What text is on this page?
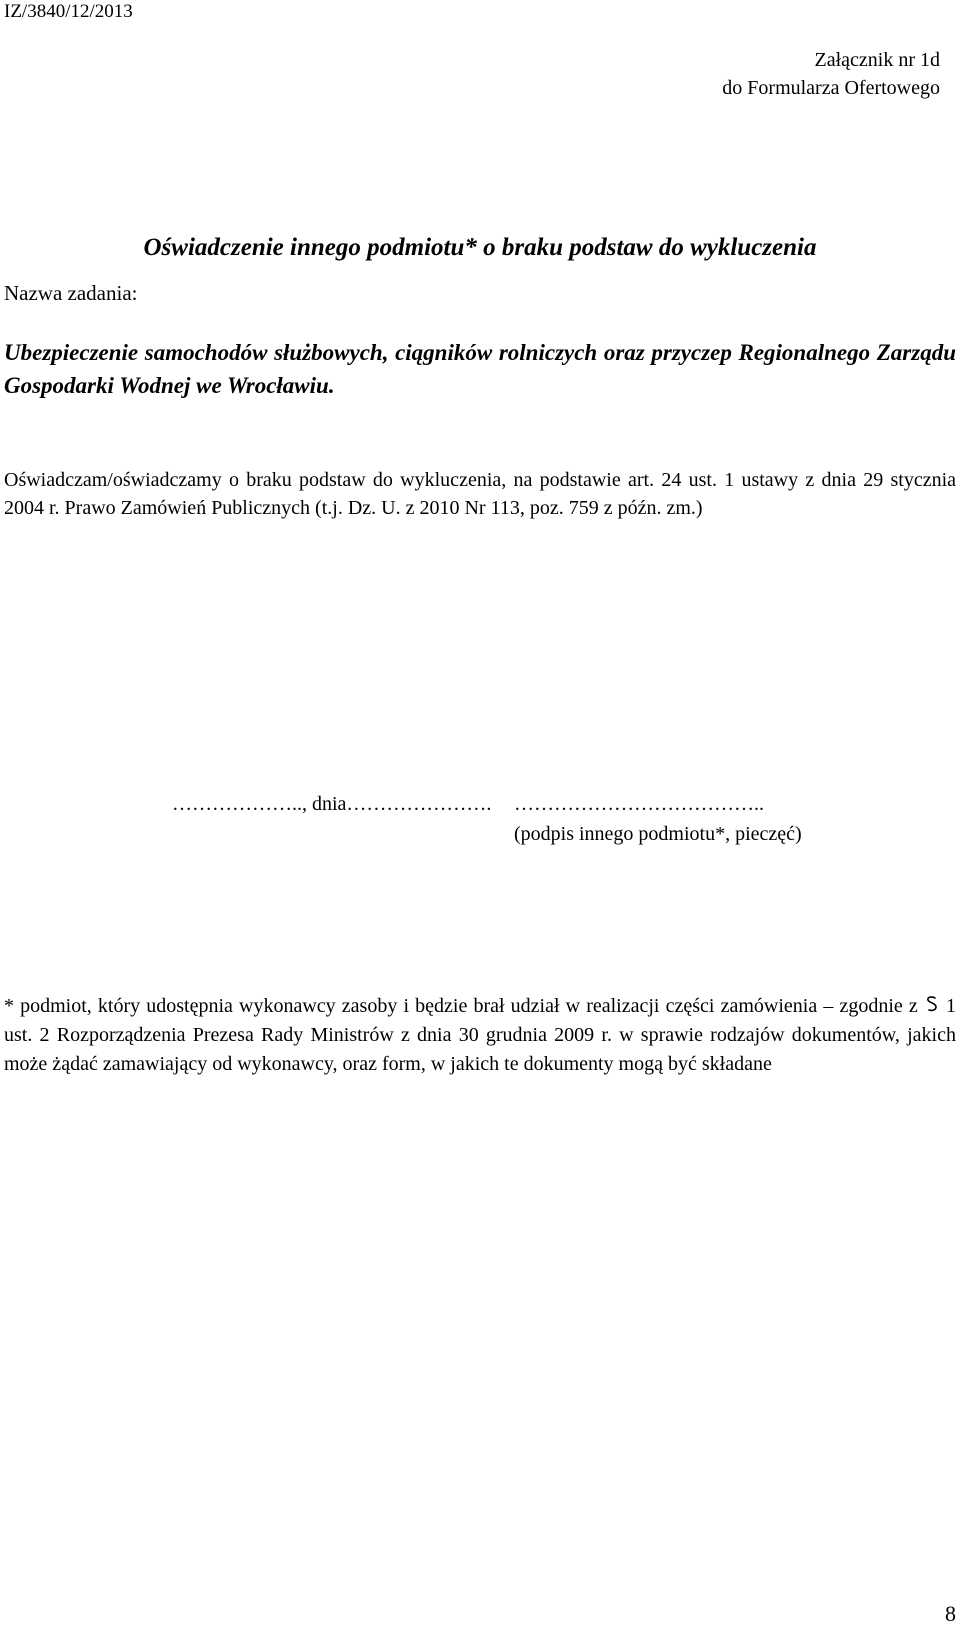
IZ/3840/12/2013
Załącznik nr 1d
do Formularza Ofertowego
Oświadczenie innego podmiotu* o braku podstaw do wykluczenia
Nazwa zadania:
Ubezpieczenie samochodów służbowych, ciągników rolniczych oraz przyczep Regionalnego Zarządu Gospodarki Wodnej we Wrocławiu.
Oświadczam/oświadczamy o braku podstaw do wykluczenia, na podstawie art. 24 ust. 1 ustawy z dnia 29 stycznia 2004 r. Prawo Zamówień Publicznych (t.j. Dz. U. z 2010 Nr 113, poz. 759 z późn. zm.)
……………….., dnia…………………. ………………………………..
(podpis innego podmiotu*, pieczęć)
* podmiot, który udostępnia wykonawcy zasoby i będzie brał udział w realizacji części zamówienia – zgodnie z 1 ust. 2 Rozporządzenia Prezesa Rady Ministrów z dnia 30 grudnia 2009 r. w sprawie rodzajów dokumentów, jakich może żądać zamawiający od wykonawcy, oraz form, w jakich te dokumenty mogą być składane
8
